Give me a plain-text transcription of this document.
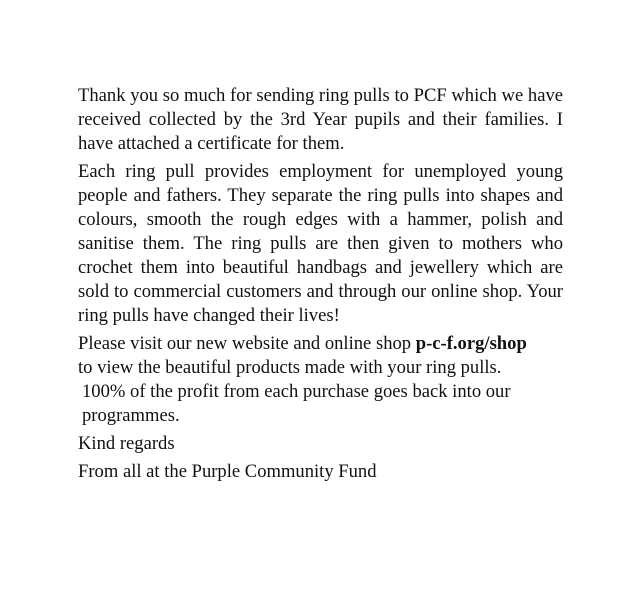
Thank you so much for sending ring pulls to PCF which we have received collected by the 3rd Year pupils and their families. I have attached a certificate for them.

Each ring pull provides employment for unemployed young people and fathers. They separate the ring pulls into shapes and colours, smooth the rough edges with a hammer, polish and sanitise them. The ring pulls are then given to mothers who crochet them into beautiful handbags and jewellery which are sold to commercial customers and through our online shop. Your ring pulls have changed their lives!

Please visit our new website and online shop p-c-f.org/shop
to view the beautiful products made with your ring pulls.
100% of the profit from each purchase goes back into our programmes.

Kind regards

From all at the Purple Community Fund
